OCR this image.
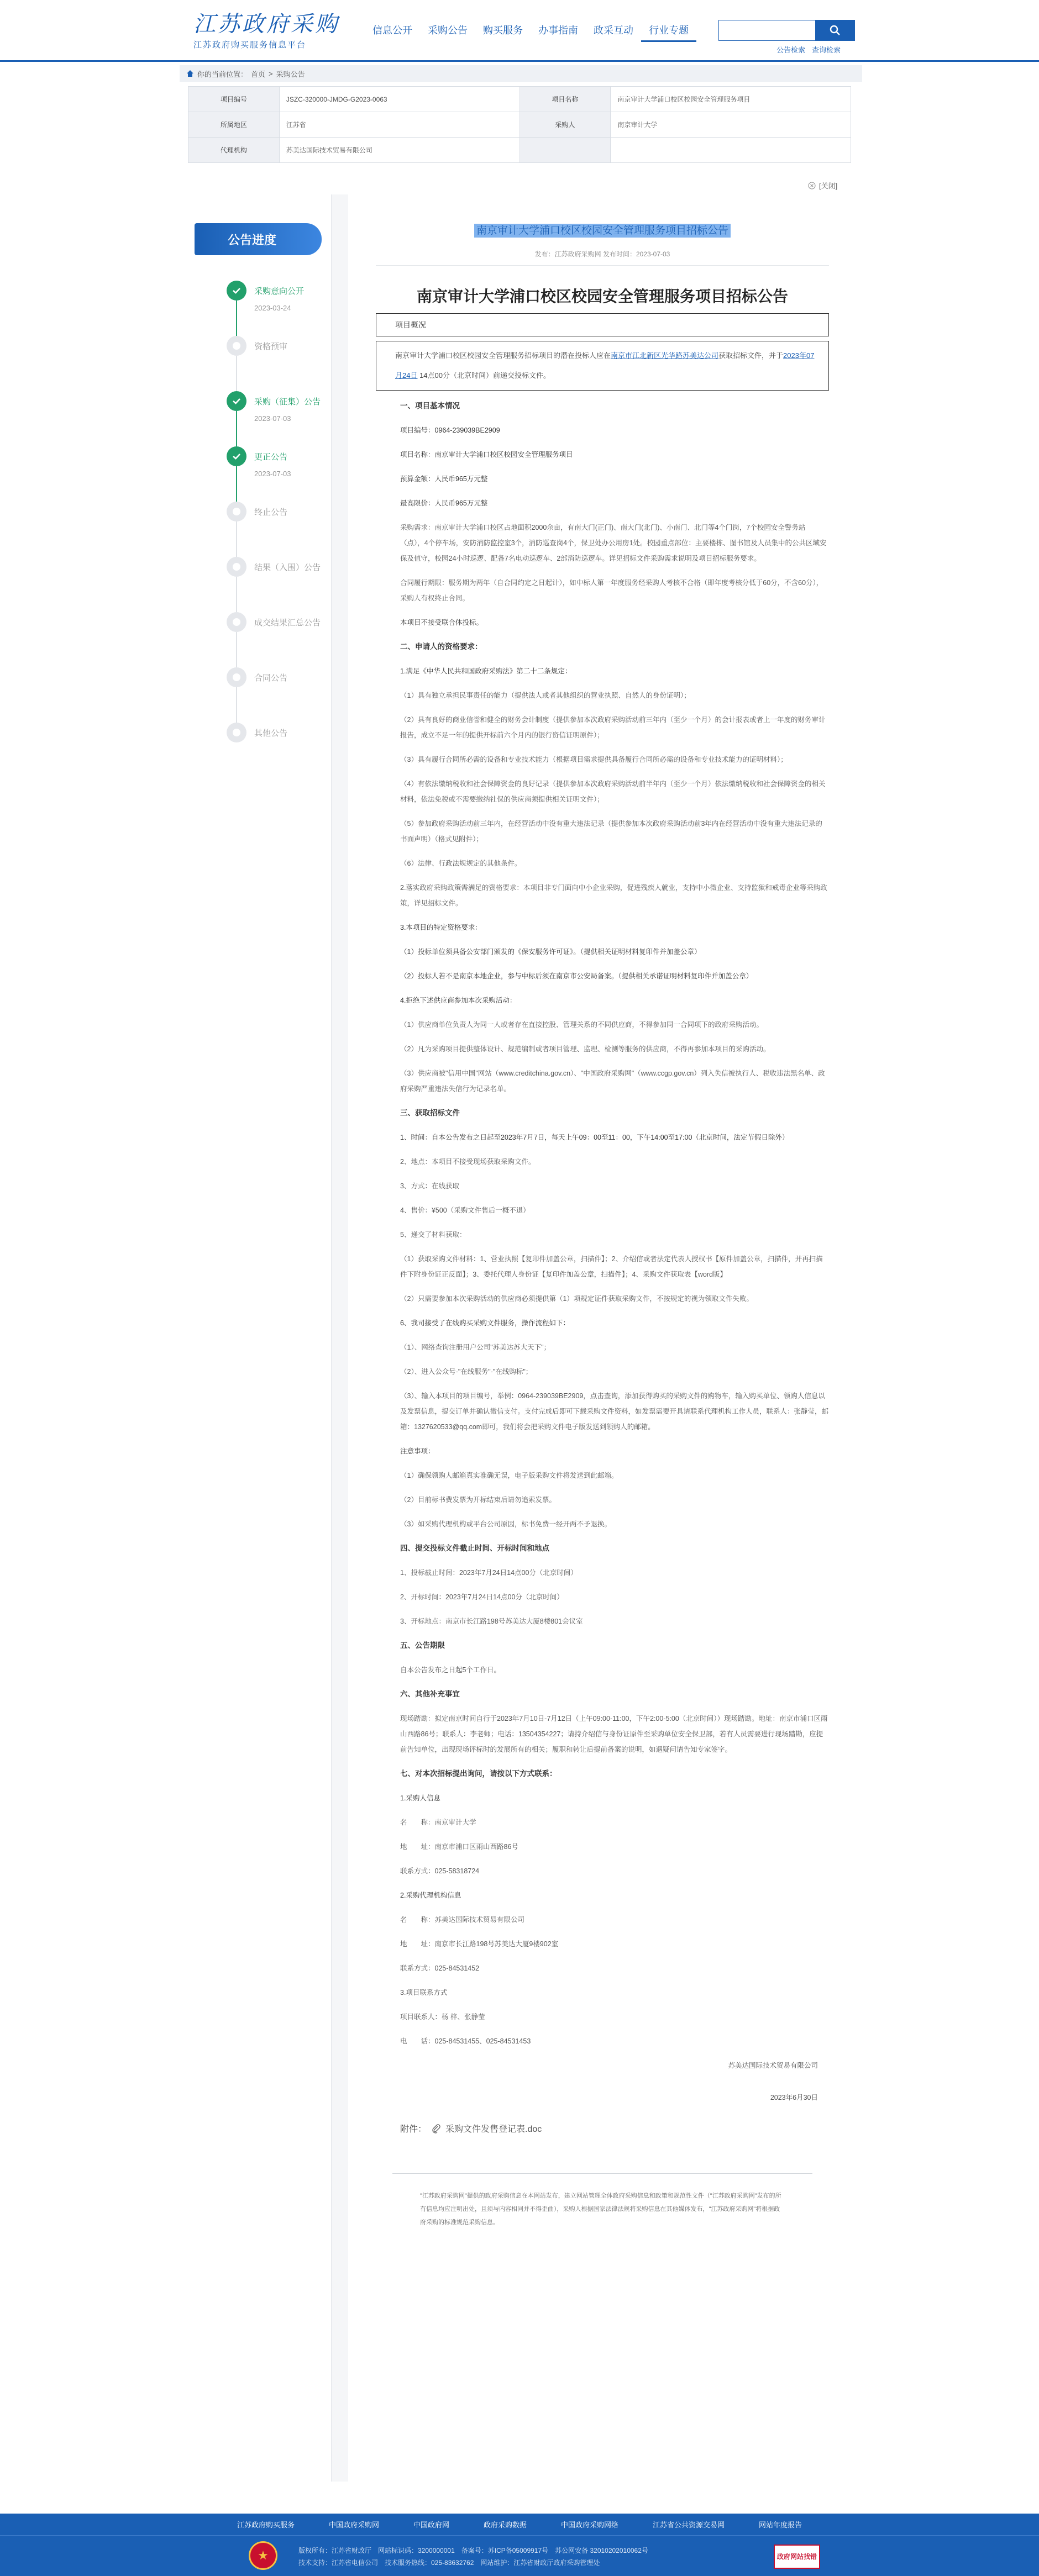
江苏政府采购
江苏政府购买服务信息平台
信息公开	采购公告	购买服务	办事指南	政采互动	行业专题
公告检索 查询检索
你的当前位置： 首页 > 采购公告
项目编号	JSZC-320000-JMDG-G2023-0063	项目名称	南京审计大学浦口校区校园安全管理服务项目
所属地区	江苏省	采购人	南京审计大学
代理机构	苏美达国际技术贸易有限公司		
[关闭]
公告进度
采购意向公开
2023-03-24
资格预审
采购（征集）公告
2023-07-03
更正公告
2023-07-03
终止公告
结果（入围）公告
成交结果汇总公告
合同公告
其他公告
南京审计大学浦口校区校园安全管理服务项目招标公告
发布：江苏政府采购网 发布时间：2023-07-03
南京审计大学浦口校区校园安全管理服务项目招标公告
项目概况
南京审计大学浦口校区校园安全管理服务招标项目的潜在投标人应在南京市江北新区光华路苏美达公司获取招标文件，并于2023年07月24日 14点00分（北京时间）前递交投标文件。
一、项目基本情况
项目编号：0964-239039BE2909
项目名称：南京审计大学浦口校区校园安全管理服务项目
预算金额：人民币965万元整
最高限价：人民币965万元整
采购需求：南京审计大学浦口校区占地面积2000余亩，有南大门(正门)、南大门(北门)、小南门、北门等4个门岗，7个校园安全警务站（点），4个停车场，安防消防监控室3个，消防巡查岗4个，保卫处办公用房1处。校园重点部位：主要楼栋、图书馆及人员集中的公共区域安保及值守，校园24小时巡逻、配备7名电动巡逻车、2部消防巡逻车。详见招标文件采购需求说明及项目招标服务要求。
合同履行期限：服务期为两年（自合同约定之日起计），如中标人第一年度服务经采购人考核不合格（即年度考核分低于60分，不含60分），采购人有权终止合同。
本项目不接受联合体投标。
二、申请人的资格要求：
1.满足《中华人民共和国政府采购法》第二十二条规定：
（1）具有独立承担民事责任的能力（提供法人或者其他组织的营业执照、自然人的身份证明）；
（2）具有良好的商业信誉和健全的财务会计制度（提供参加本次政府采购活动前三年内（至少一个月）的会计报表或者上一年度的财务审计报告，成立不足一年的提供开标前六个月内的银行资信证明原件）；
（3）具有履行合同所必需的设备和专业技术能力（根据项目需求提供具备履行合同所必需的设备和专业技术能力的证明材料）；
（4）有依法缴纳税收和社会保障资金的良好记录（提供参加本次政府采购活动前半年内（至少一个月）依法缴纳税收和社会保障资金的相关材料，依法免税或不需要缴纳社保的供应商须提供相关证明文件）；
（5）参加政府采购活动前三年内，在经营活动中没有重大违法记录（提供参加本次政府采购活动前3年内在经营活动中没有重大违法记录的书面声明）（格式见附件）；
（6）法律、行政法规规定的其他条件。
2.落实政府采购政策需满足的资格要求：本项目非专门面向中小企业采购，促进残疾人就业，支持中小微企业、支持监狱和戒毒企业等采购政策，详见招标文件。
3.本项目的特定资格要求：
（1）投标单位须具备公安部门颁发的《保安服务许可证》。（提供相关证明材料复印件并加盖公章）
（2）投标人若不是南京本地企业，参与中标后须在南京市公安局备案。（提供相关承诺证明材料复印件并加盖公章）
4.拒绝下述供应商参加本次采购活动：
（1）供应商单位负责人为同一人或者存在直接控股、管理关系的不同供应商，不得参加同一合同项下的政府采购活动。
（2）凡为采购项目提供整体设计、规范编制或者项目管理、监理、检测等服务的供应商，不得再参加本项目的采购活动。
（3）供应商被"信用中国"网站（www.creditchina.gov.cn）、"中国政府采购网"（www.ccgp.gov.cn）列入失信被执行人、税收违法黑名单、政府采购严重违法失信行为记录名单。
三、获取招标文件
1、时间：自本公告发布之日起至2023年7月7日，每天上午09：00至11：00，下午14:00至17:00（北京时间，法定节假日除外）
2、地点：本项目不接受现场获取采购文件。
3、方式：在线获取
4、售价：¥500（采购文件售后一概不退）
5、递交了材料获取：
（1）获取采购文件材料：1、营业执照【复印件加盖公章，扫描件】；2、介绍信或者法定代表人授权书【原件加盖公章，扫描件，并再扫描件下附身份证正反面】；3、委托代理人身份证【复印件加盖公章，扫描件】；4、采购文件获取表【word版】
（2）只需要参加本次采购活动的供应商必须提供第（1）项规定证件获取采购文件，不按规定的视为领取文件失败。
6、我司接受了在线购买采购文件服务，操作流程如下：
（1）、网络查询注册用户公司"苏美达苏大天下"；
（2）、进入公众号-"在线服务"-"在线购标"；
（3）、输入本项目的项目编号，举例：0964-239039BE2909，点击查询，添加获得购买的采购文件的购物车，输入购买单位、领购人信息以及发票信息，提交订单并确认微信支付。支付完成后即可下载采购文件资料，如发票需要开具请联系代理机构工作人员，联系人：张静莹，邮箱：1327620533@qq.com即可，我们将会把采购文件电子版发送到领购人的邮箱。
注意事项：
（1）确保领购人邮箱真实准确无误，电子版采购文件将发送到此邮箱。
（2）目前标书费发票为开标结束后请勿追索发票。
（3）如采购代理机构或平台公司原因，标书免费一经开两不予退换。
四、提交投标文件截止时间、开标时间和地点
1、投标截止时间：2023年7月24日14点00分（北京时间）
2、开标时间：2023年7月24日14点00分（北京时间）
3、开标地点：南京市长江路198号苏美达大厦8楼801会议室
五、公告期限
自本公告发布之日起5个工作日。
六、其他补充事宜
现场踏勘：拟定南京时间自行于2023年7月10日-7月12日（上午09:00-11:00，下午2:00-5:00（北京时间））现场踏勘。地址：南京市浦口区雨山西路86号；联系人：李老师；电话：13504354227；请持介绍信与身份证原件至采购单位安全保卫部，若有人员需要进行现场踏勘，应提前告知单位，出现现场评标时的发展所有的相关；履职和转让后提前备案的说明，如遇疑问请告知专家签字。
七、对本次招标提出询问，请按以下方式联系：
1.采购人信息
名　　称：南京审计大学
地　　址：南京市浦口区雨山西路86号
联系方式：025-58318724
2.采购代理机构信息
名　　称：苏美达国际技术贸易有限公司
地　　址：南京市长江路198号苏美达大厦9楼902室
联系方式：025-84531452
3.项目联系方式
项目联系人：杨 梓、张静莹
电　　话：025-84531455、025-84531453
苏美达国际技术贸易有限公司
2023年6月30日
附件： 采购文件发售登记表.doc
"江苏政府采购网"提供的政府采购信息在本网站发布，建立网站管理全体政府采购信息和政策和规范性文件（"江苏政府采购网"发布的所有信息均应注明出处，且须与内容相同并不得歪曲），采购人根据国家法律法规将采购信息在其他媒体发布，"江苏政府采购网"将根据政府采购的标准规范采购信息。
江苏政府购买服务	中国政府采购网	中国政府网	政府采购数据	中国政府采购网络	江苏省公共资源交易网	网站年度报告
★	版权所有：江苏省财政厅　网站标识码：3200000001　备案号：苏ICP备05009917号　苏公网安备 32010202010062号
技术支持：江苏省电信公司　技术服务热线：025-83632762　网站维护：江苏省财政厅政府采购管理处
政府网站找错
